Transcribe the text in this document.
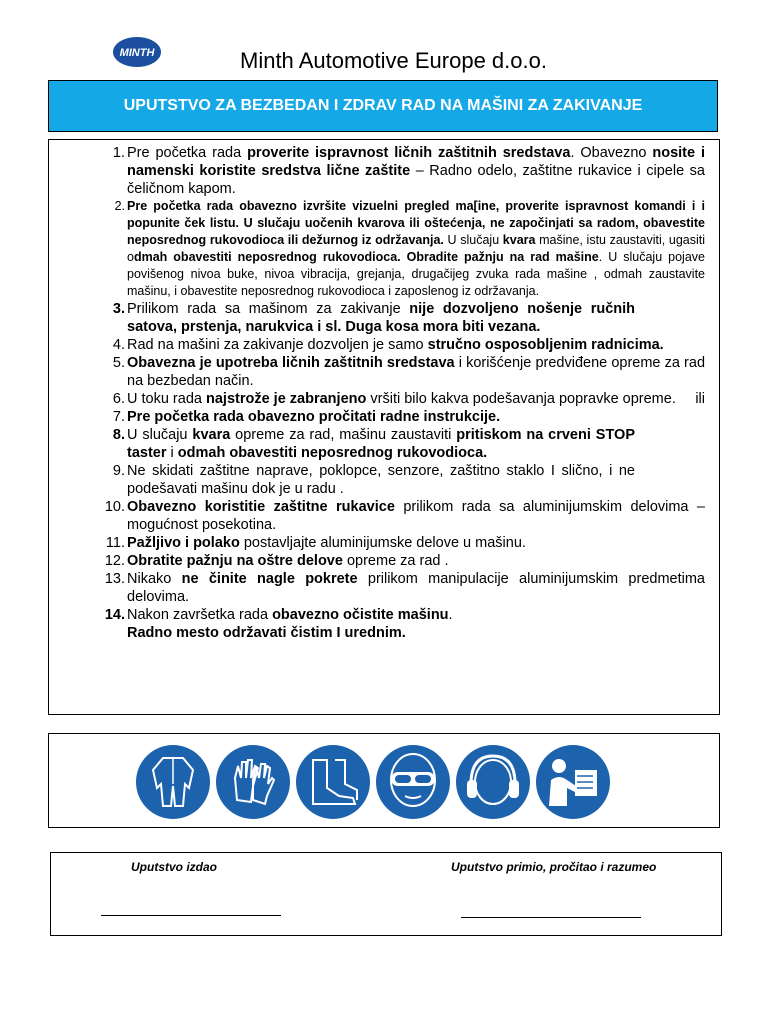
MINTH	Minth Automotive Europe d.o.o.
UPUTSTVO ZA BEZBEDAN I ZDRAV RAD NA MAŠINI ZA ZAKIVANJE
1. Pre početka rada proverite ispravnost ličnih zaštitnih sredstava. Obavezno nosite i namenski koristite sredstva lične zaštite – Radno odelo, zaštitne rukavice i cipele sa čeličnom kapom.
2. Pre početka rada obavezno izvršite vizuelni pregled ma[ine, proverite ispravnost komandi i i popunite ček listu. U slučaju uočenih kvarova ili oštećenja, ne započinjati sa radom, obavestite neposrednog rukovodioca ili dežurnog iz održavanja. U slučaju kvara mašine, istu zaustaviti, ugasiti odmah obavestiti neposrednog rukovodioca. Obradite pažnju na rad mašine. U slučaju pojave povišenog nivoa buke, nivoa vibracija, grejanja, drugačijeg zvuka rada mašine , odmah zaustavite mašinu, i obavestite neposrednog rukovodioca i zaposlenog iz održavanja.
3. Prilikom rada sa mašinom za zakivanje nije dozvoljeno nošenje ručnih satova, prstenja, narukvica i sl. Duga kosa mora biti vezana.
4. Rad na mašini za zakivanje dozvoljen je samo stručno osposobljenim radnicima.
5. Obavezna je upotreba ličnih zaštitnih sredstava i korišćenje predviđene opreme za rad na bezbedan način.
6. U toku rada najstrože je zabranjeno vršiti bilo kakva podešavanja popravke opreme. ili
7. Pre početka rada obavezno pročitati radne instrukcije.
8. U slučaju kvara opreme za rad, mašinu zaustaviti pritiskom na crveni STOP taster i odmah obavestiti neposrednog rukovodioca.
9. Ne skidati zaštitne naprave, poklopce, senzore, zaštitno staklo I slično, i ne podešavati mašinu dok je u radu .
10. Obavezno koristitie zaštitne rukavice prilikom rada sa aluminijumskim delovima – mogućnost posekotina.
11. Pažljivo i polako postavljajte aluminijumske delove u mašinu.
12. Obratite pažnju na oštre delove opreme za rad .
13. Nikako ne činite nagle pokrete prilikom manipulacije aluminijumskim predmetima delovima.
14. Nakon završetka rada obavezno očistite mašinu.
Radno mesto održavati čistim I urednim.
Uputstvo izdao	Uputstvo primio, pročitao i razumeo
